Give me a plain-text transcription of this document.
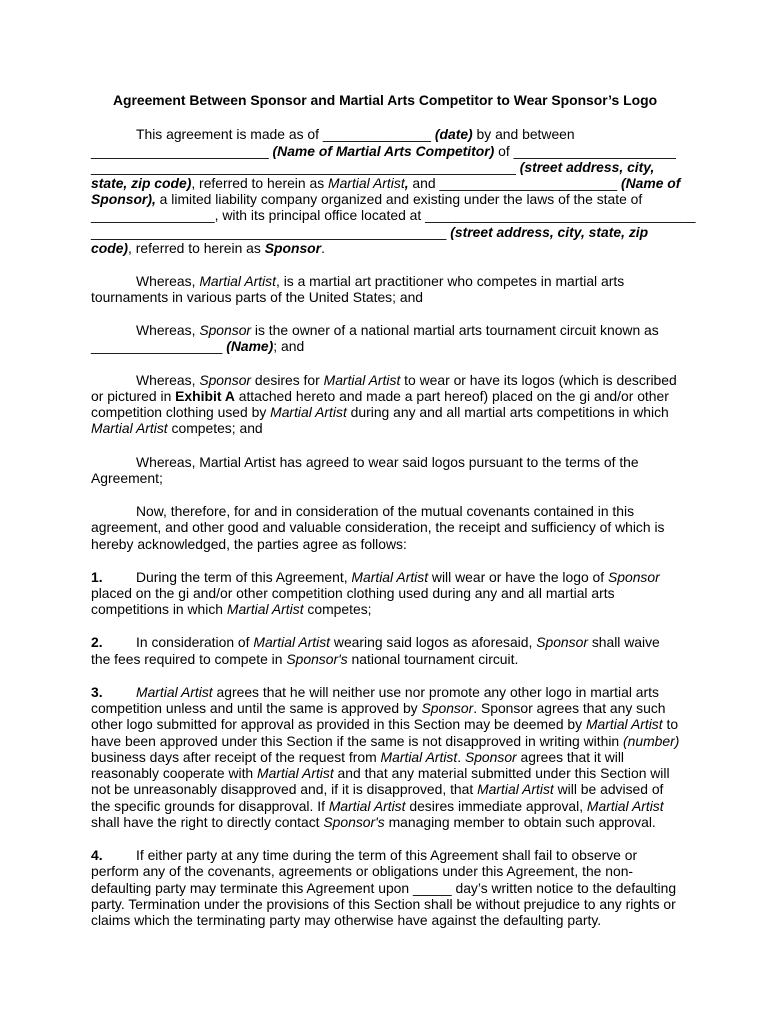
Agreement Between Sponsor and Martial Arts Competitor to Wear Sponsor’s Logo
This agreement is made as of ______________ (date) by and between
_______________________ (Name of Martial Arts Competitor) of _____________________
_______________________________________________________ (street address, city,
state, zip code), referred to herein as Martial Artist, and _______________________ (Name of
Sponsor), a limited liability company organized and existing under the laws of the state of
________________, with its principal office located at ___________________________________
______________________________________________ (street address, city, state, zip
code), referred to herein as Sponsor.
Whereas, Martial Artist, is a martial art practitioner who competes in martial arts
tournaments in various parts of the United States; and
Whereas, Sponsor is the owner of a national martial arts tournament circuit known as
_________________ (Name); and
Whereas, Sponsor desires for Martial Artist to wear or have its logos (which is described
or pictured in Exhibit A attached hereto and made a part hereof) placed on the gi and/or other
competition clothing used by Martial Artist during any and all martial arts competitions in which
Martial Artist competes; and
Whereas, Martial Artist has agreed to wear said logos pursuant to the terms of the
Agreement;
Now, therefore, for and in consideration of the mutual covenants contained in this
agreement, and other good and valuable consideration, the receipt and sufficiency of which is
hereby acknowledged, the parties agree as follows:
1. During the term of this Agreement, Martial Artist will wear or have the logo of Sponsor
placed on the gi and/or other competition clothing used during any and all martial arts
competitions in which Martial Artist competes;
2. In consideration of Martial Artist wearing said logos as aforesaid, Sponsor shall waive
the fees required to compete in Sponsor's national tournament circuit.
3. Martial Artist agrees that he will neither use nor promote any other logo in martial arts
competition unless and until the same is approved by Sponsor. Sponsor agrees that any such
other logo submitted for approval as provided in this Section may be deemed by Martial Artist to
have been approved under this Section if the same is not disapproved in writing within (number)
business days after receipt of the request from Martial Artist. Sponsor agrees that it will
reasonably cooperate with Martial Artist and that any material submitted under this Section will
not be unreasonably disapproved and, if it is disapproved, that Martial Artist will be advised of
the specific grounds for disapproval. If Martial Artist desires immediate approval, Martial Artist
shall have the right to directly contact Sponsor's managing member to obtain such approval.
4. If either party at any time during the term of this Agreement shall fail to observe or
perform any of the covenants, agreements or obligations under this Agreement, the non-
defaulting party may terminate this Agreement upon _____ day’s written notice to the defaulting
party. Termination under the provisions of this Section shall be without prejudice to any rights or
claims which the terminating party may otherwise have against the defaulting party.
